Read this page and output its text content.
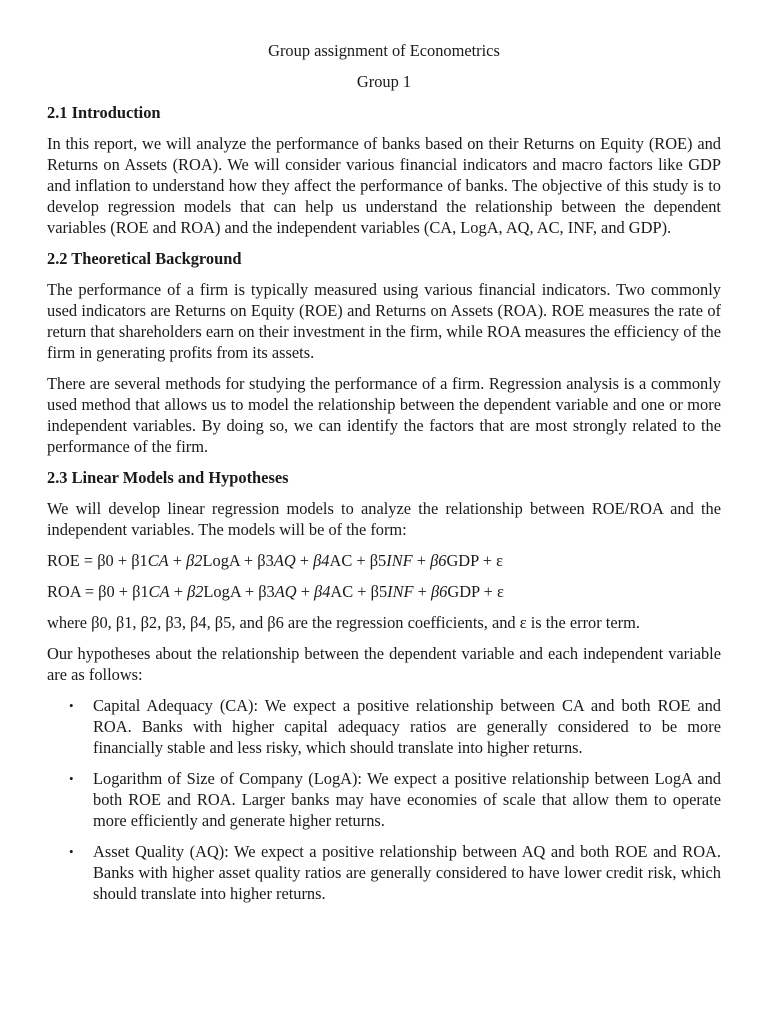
Group assignment of Econometrics
Group 1
2.1 Introduction

In this report, we will analyze the performance of banks based on their Returns on Equity (ROE) and Returns on Assets (ROA). We will consider various financial indicators and macro factors like GDP and inflation to understand how they affect the performance of banks. The objective of this study is to develop regression models that can help us understand the relationship between the dependent variables (ROE and ROA) and the independent variables (CA, LogA, AQ, AC, INF, and GDP).

2.2 Theoretical Background

The performance of a firm is typically measured using various financial indicators. Two commonly used indicators are Returns on Equity (ROE) and Returns on Assets (ROA). ROE measures the rate of return that shareholders earn on their investment in the firm, while ROA measures the efficiency of the firm in generating profits from its assets.

There are several methods for studying the performance of a firm. Regression analysis is a commonly used method that allows us to model the relationship between the dependent variable and one or more independent variables. By doing so, we can identify the factors that are most strongly related to the performance of the firm.

2.3 Linear Models and Hypotheses

We will develop linear regression models to analyze the relationship between ROE/ROA and the independent variables. The models will be of the form:

ROE = β0 + β1CA + β2LogA + β3AQ + β4AC + β5INF + β6GDP + ε
ROA = β0 + β1CA + β2LogA + β3AQ + β4AC + β5INF + β6GDP + ε

where β0, β1, β2, β3, β4, β5, and β6 are the regression coefficients, and ε is the error term.

Our hypotheses about the relationship between the dependent variable and each independent variable are as follows:

• Capital Adequacy (CA): We expect a positive relationship between CA and both ROE and ROA. Banks with higher capital adequacy ratios are generally considered to be more financially stable and less risky, which should translate into higher returns.
• Logarithm of Size of Company (LogA): We expect a positive relationship between LogA and both ROE and ROA. Larger banks may have economies of scale that allow them to operate more efficiently and generate higher returns.
• Asset Quality (AQ): We expect a positive relationship between AQ and both ROE and ROA. Banks with higher asset quality ratios are generally considered to have lower credit risk, which should translate into higher returns.
